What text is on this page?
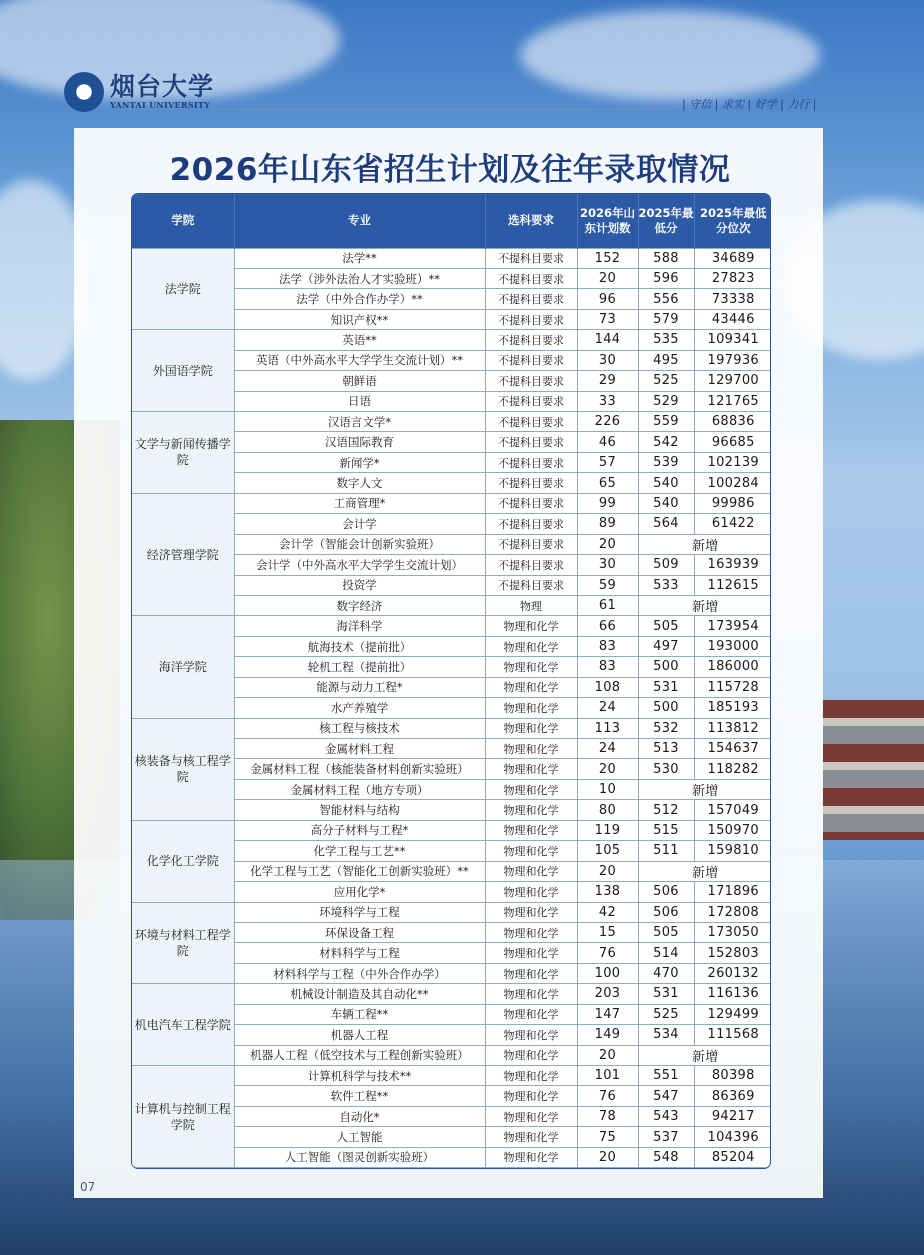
烟台大学
YANTAI UNIVERSITY	| 守信 | 求实 | 好学 | 力行 |
2026年山东省招生计划及往年录取情况
学院	专业	选科要求	2026年山东计划数	2025年最低分	2025年最低分位次
法学院	法学**	不提科目要求	152	588	34689
	法学（涉外法治人才实验班）**	不提科目要求	20	596	27823
	法学（中外合作办学）**	不提科目要求	96	556	73338
	知识产权**	不提科目要求	73	579	43446
外国语学院	英语**	不提科目要求	144	535	109341
	英语（中外高水平大学学生交流计划）**	不提科目要求	30	495	197936
	朝鲜语	不提科目要求	29	525	129700
	日语	不提科目要求	33	529	121765
文学与新闻传播学院	汉语言文学*	不提科目要求	226	559	68836
	汉语国际教育	不提科目要求	46	542	96685
	新闻学*	不提科目要求	57	539	102139
	数字人文	不提科目要求	65	540	100284
经济管理学院	工商管理*	不提科目要求	99	540	99986
	会计学	不提科目要求	89	564	61422
	会计学（智能会计创新实验班）	不提科目要求	20	新增	
	会计学（中外高水平大学学生交流计划）	不提科目要求	30	509	163939
	投资学	不提科目要求	59	533	112615
	数字经济	物理	61	新增	
海洋学院	海洋科学	物理和化学	66	505	173954
	航海技术（提前批）	物理和化学	83	497	193000
	轮机工程（提前批）	物理和化学	83	500	186000
	能源与动力工程*	物理和化学	108	531	115728
	水产养殖学	物理和化学	24	500	185193
核装备与核工程学院	核工程与核技术	物理和化学	113	532	113812
	金属材料工程	物理和化学	24	513	154637
	金属材料工程（核能装备材料创新实验班）	物理和化学	20	530	118282
	金属材料工程（地方专项）	物理和化学	10	新增	
	智能材料与结构	物理和化学	80	512	157049
化学化工学院	高分子材料与工程*	物理和化学	119	515	150970
	化学工程与工艺**	物理和化学	105	511	159810
	化学工程与工艺（智能化工创新实验班）**	物理和化学	20	新增	
	应用化学*	物理和化学	138	506	171896
环境与材料工程学院	环境科学与工程	物理和化学	42	506	172808
	环保设备工程	物理和化学	15	505	173050
	材料科学与工程	物理和化学	76	514	152803
	材料科学与工程（中外合作办学）	物理和化学	100	470	260132
机电汽车工程学院	机械设计制造及其自动化**	物理和化学	203	531	116136
	车辆工程**	物理和化学	147	525	129499
	机器人工程	物理和化学	149	534	111568
	机器人工程（低空技术与工程创新实验班）	物理和化学	20	新增	
计算机与控制工程学院	计算机科学与技术**	物理和化学	101	551	80398
	软件工程**	物理和化学	76	547	86369
	自动化*	物理和化学	78	543	94217
	人工智能	物理和化学	75	537	104396
	人工智能（图灵创新实验班）	物理和化学	20	548	85204
07
